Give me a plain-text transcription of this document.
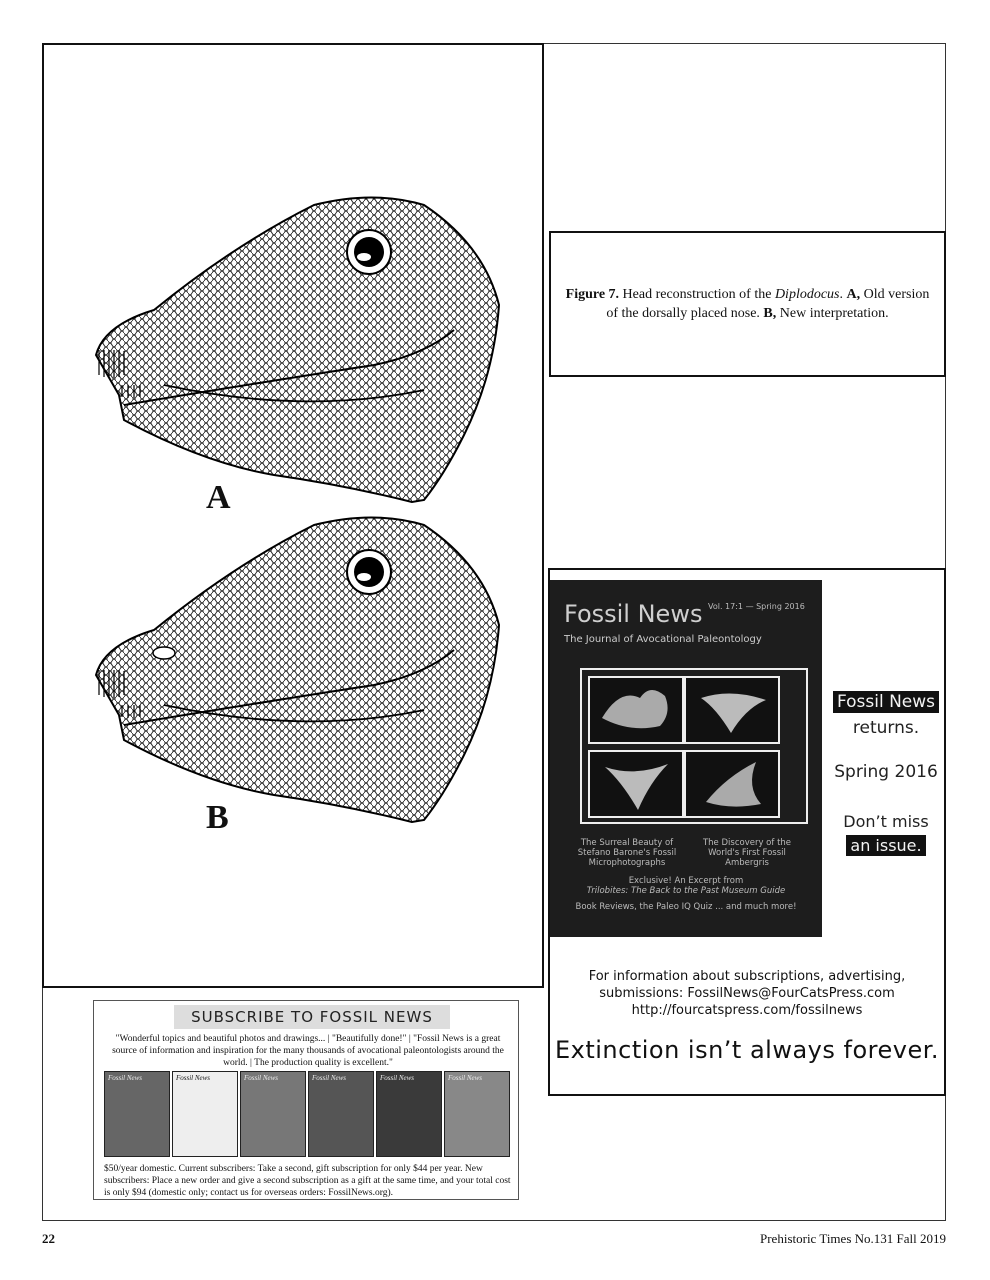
A
B
Figure 7. Head reconstruction of the Diplodocus. A, Old version of the dorsally placed nose. B, New interpretation.
Fossil News Vol. 17:1 — Spring 2016
The Journal of Avocational Paleontology
The Surreal Beauty of Stefano Barone's Fossil Microphotographs
The Discovery of the World's First Fossil Ambergris
Exclusive! An Excerpt from
Trilobites: The Back to the Past Museum Guide
Book Reviews, the Paleo IQ Quiz ... and much more!
Fossil News
returns.
Spring 2016
Don’t miss
an issue.
For information about subscriptions, advertising,
submissions: FossilNews@FourCatsPress.com
http://fourcatspress.com/fossilnews
Extinction isn’t always forever.
SUBSCRIBE TO FOSSIL NEWS
"Wonderful topics and beautiful photos and drawings... | "Beautifully done!" | "Fossil News is a great source of information and inspiration for the many thousands of avocational paleontologists around the world. | The production quality is excellent."
Fossil News	Fossil News	Fossil News	Fossil News	Fossil News	Fossil News
$50/year domestic. Current subscribers: Take a second, gift subscription for only $44 per year. New subscribers: Place a new order and give a second subscription as a gift at the same time, and your total cost is only $94 (domestic only; contact us for overseas orders: FossilNews.org).
22	Prehistoric Times No.131 Fall 2019
